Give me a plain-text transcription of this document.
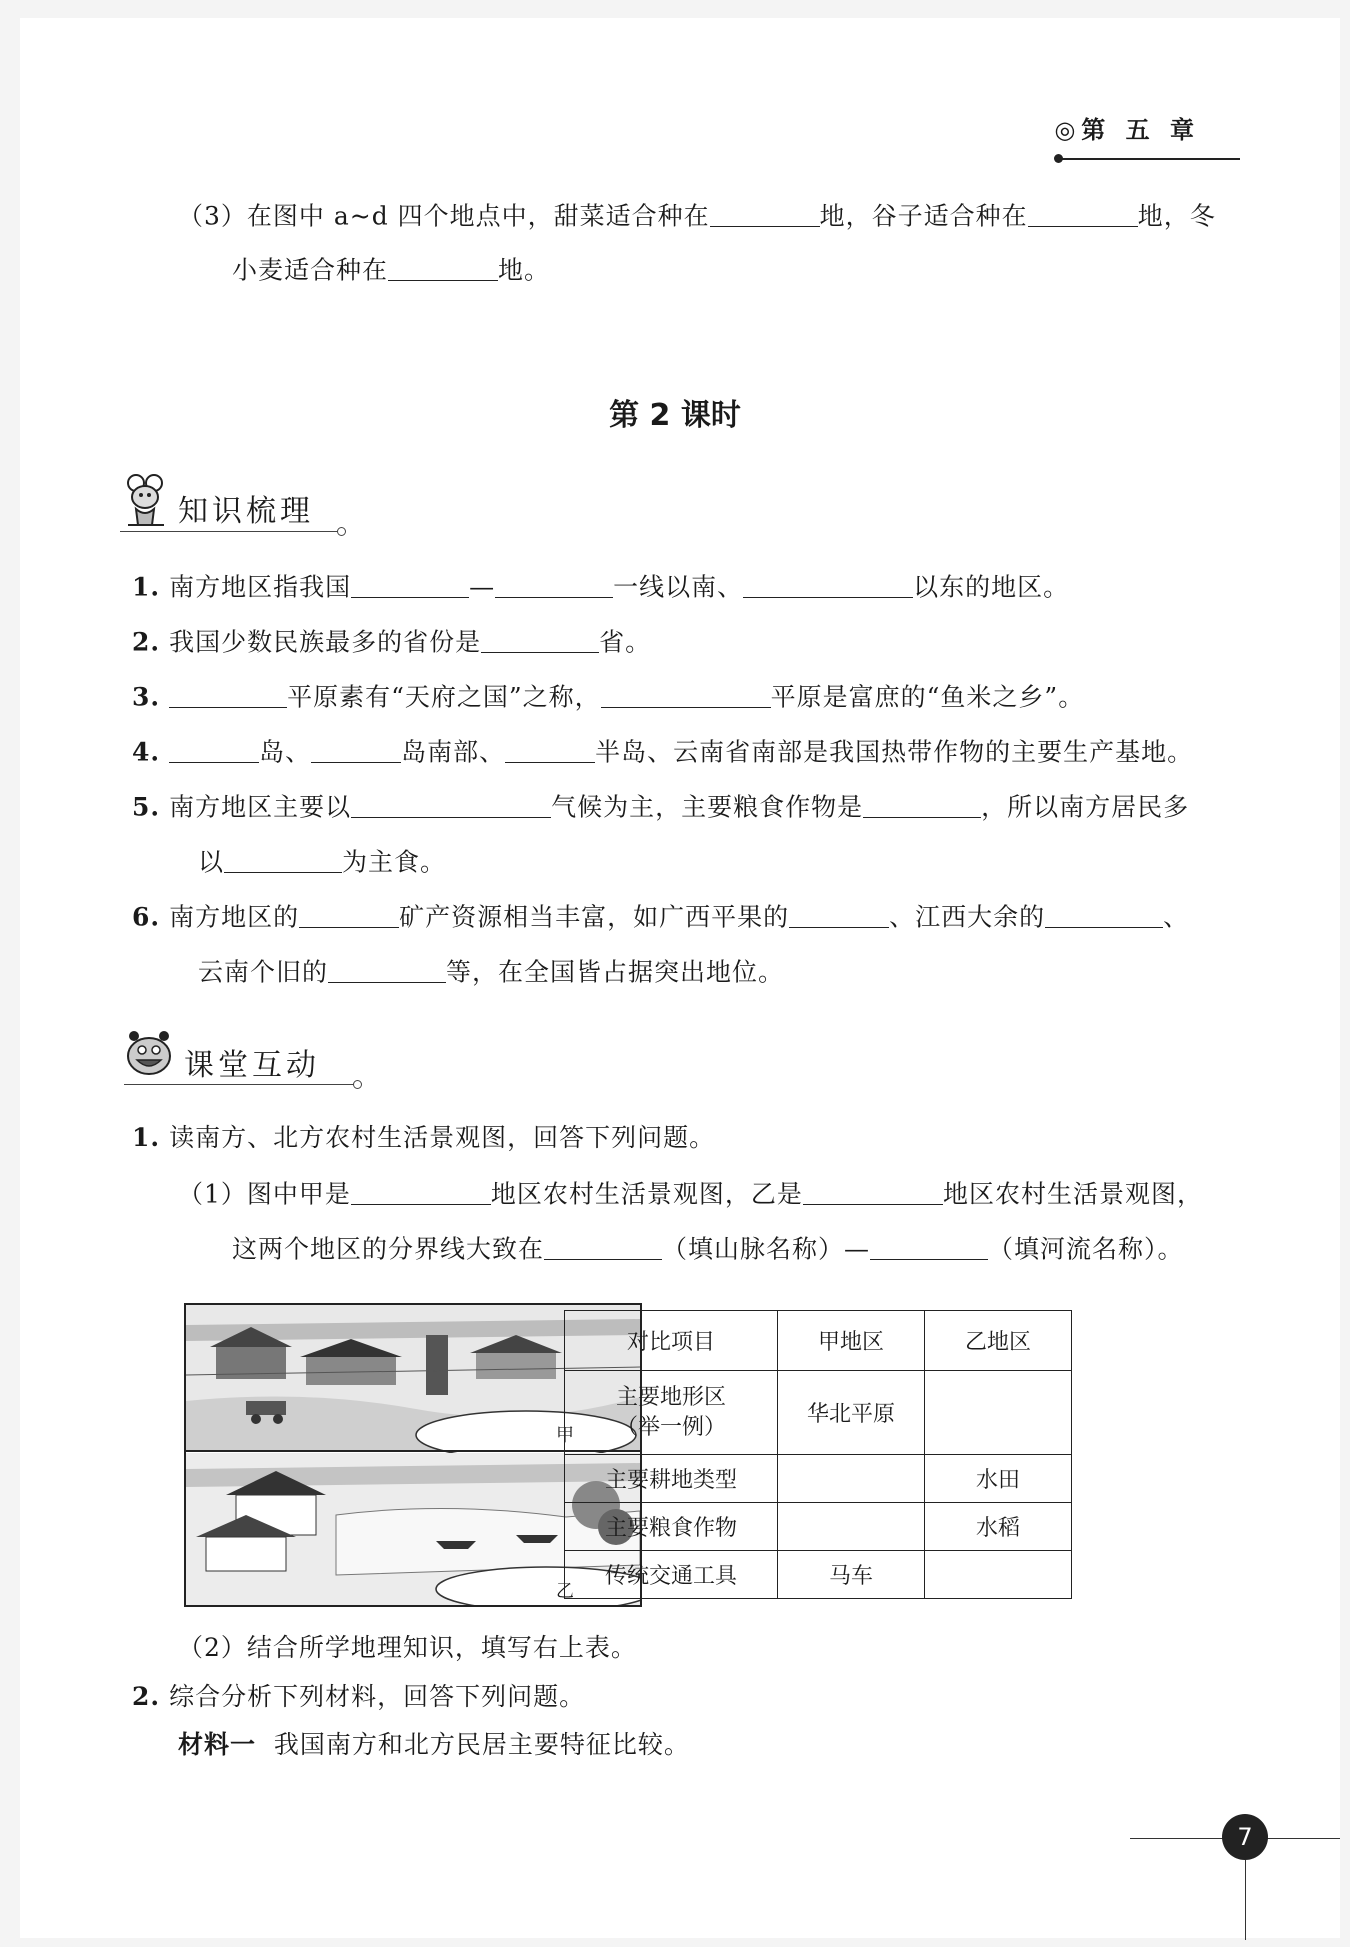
◎第 五 章
（3）在图中 a~d 四个地点中，甜菜适合种在	地，谷子适合种在	地，冬
小麦适合种在	地。
第 2 课时
知识梳理
1. 南方地区指我国	—	一线以南、	以东的地区。
2. 我国少数民族最多的省份是	省。
3.	平原素有“天府之国”之称，	平原是富庶的“鱼米之乡”。
4.	岛、	岛南部、	半岛、云南省南部是我国热带作物的主要生产基地。
5. 南方地区主要以	气候为主，主要粮食作物是	，所以南方居民多
以	为主食。
6. 南方地区的	矿产资源相当丰富，如广西平果的	、江西大余的	、
云南个旧的	等，在全国皆占据突出地位。
课堂互动
1. 读南方、北方农村生活景观图，回答下列问题。
（1）图中甲是	地区农村生活景观图，乙是	地区农村生活景观图，
这两个地区的分界线大致在	（填山脉名称）—	（填河流名称）。
甲
乙
对比项目	甲地区	乙地区
主要地形区
（举一例）	华北平原	
主要耕地类型		水田
主要粮食作物		水稻
传统交通工具	马车	
（2）结合所学地理知识，填写右上表。
2. 综合分析下列材料，回答下列问题。
材料一 我国南方和北方民居主要特征比较。
7
